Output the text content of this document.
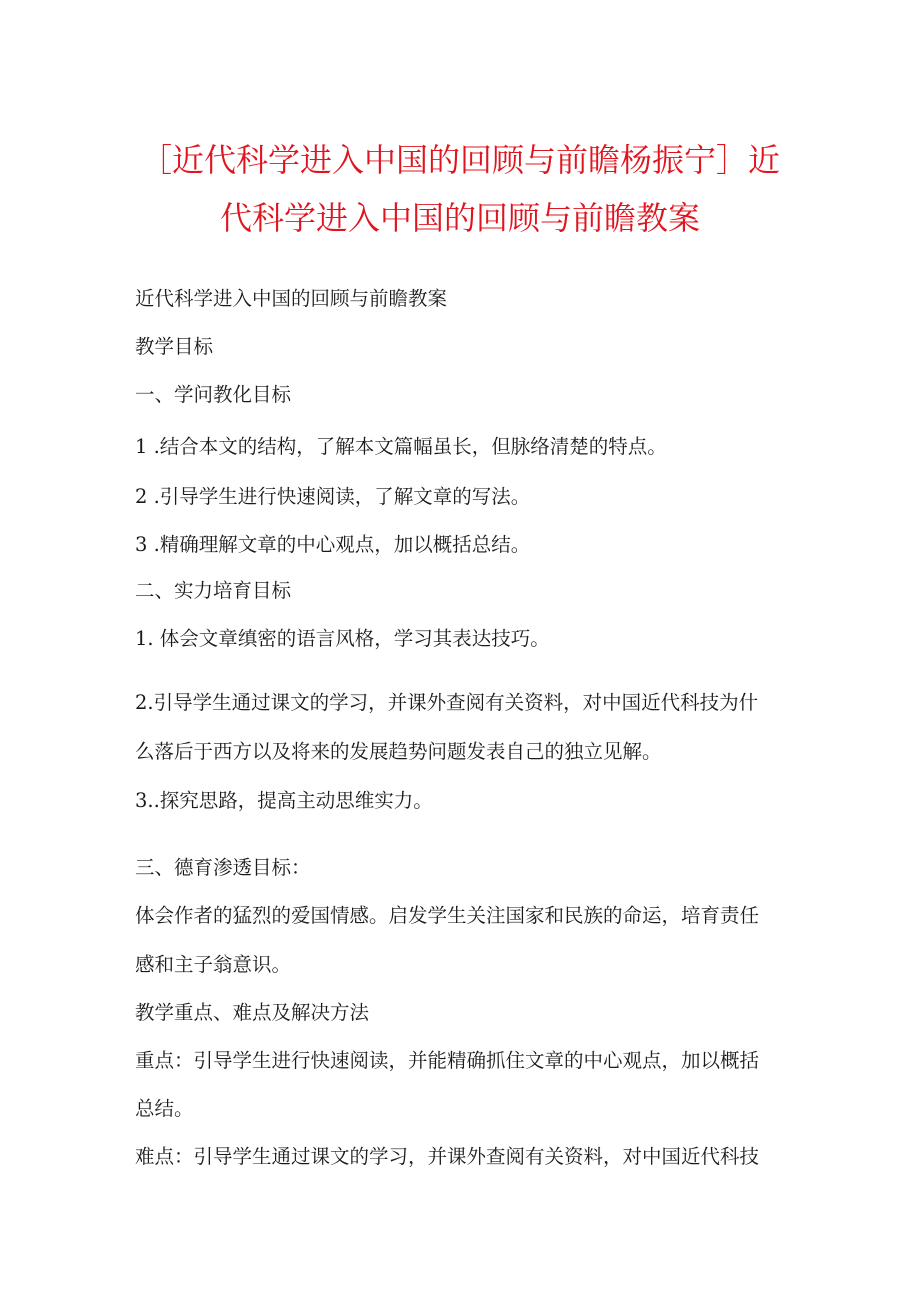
［近代科学进入中国的回顾与前瞻杨振宁］近
代科学进入中国的回顾与前瞻教案
近代科学进入中国的回顾与前瞻教案
教学目标
一、学问教化目标
1 .结合本文的结构，了解本文篇幅虽长，但脉络清楚的特点。
2 .引导学生进行快速阅读，了解文章的写法。
3 .精确理解文章的中心观点，加以概括总结。
二、实力培育目标
1. 体会文章缜密的语言风格，学习其表达技巧。
2.引导学生通过课文的学习，并课外查阅有关资料，对中国近代科技为什
么落后于西方以及将来的发展趋势问题发表自己的独立见解。
3..探究思路，提高主动思维实力。
三、德育渗透目标：
体会作者的猛烈的爱国情感。启发学生关注国家和民族的命运，培育责任
感和主子翁意识。
教学重点、难点及解决方法
重点：引导学生进行快速阅读，并能精确抓住文章的中心观点，加以概括
总结。
难点：引导学生通过课文的学习，并课外查阅有关资料，对中国近代科技
